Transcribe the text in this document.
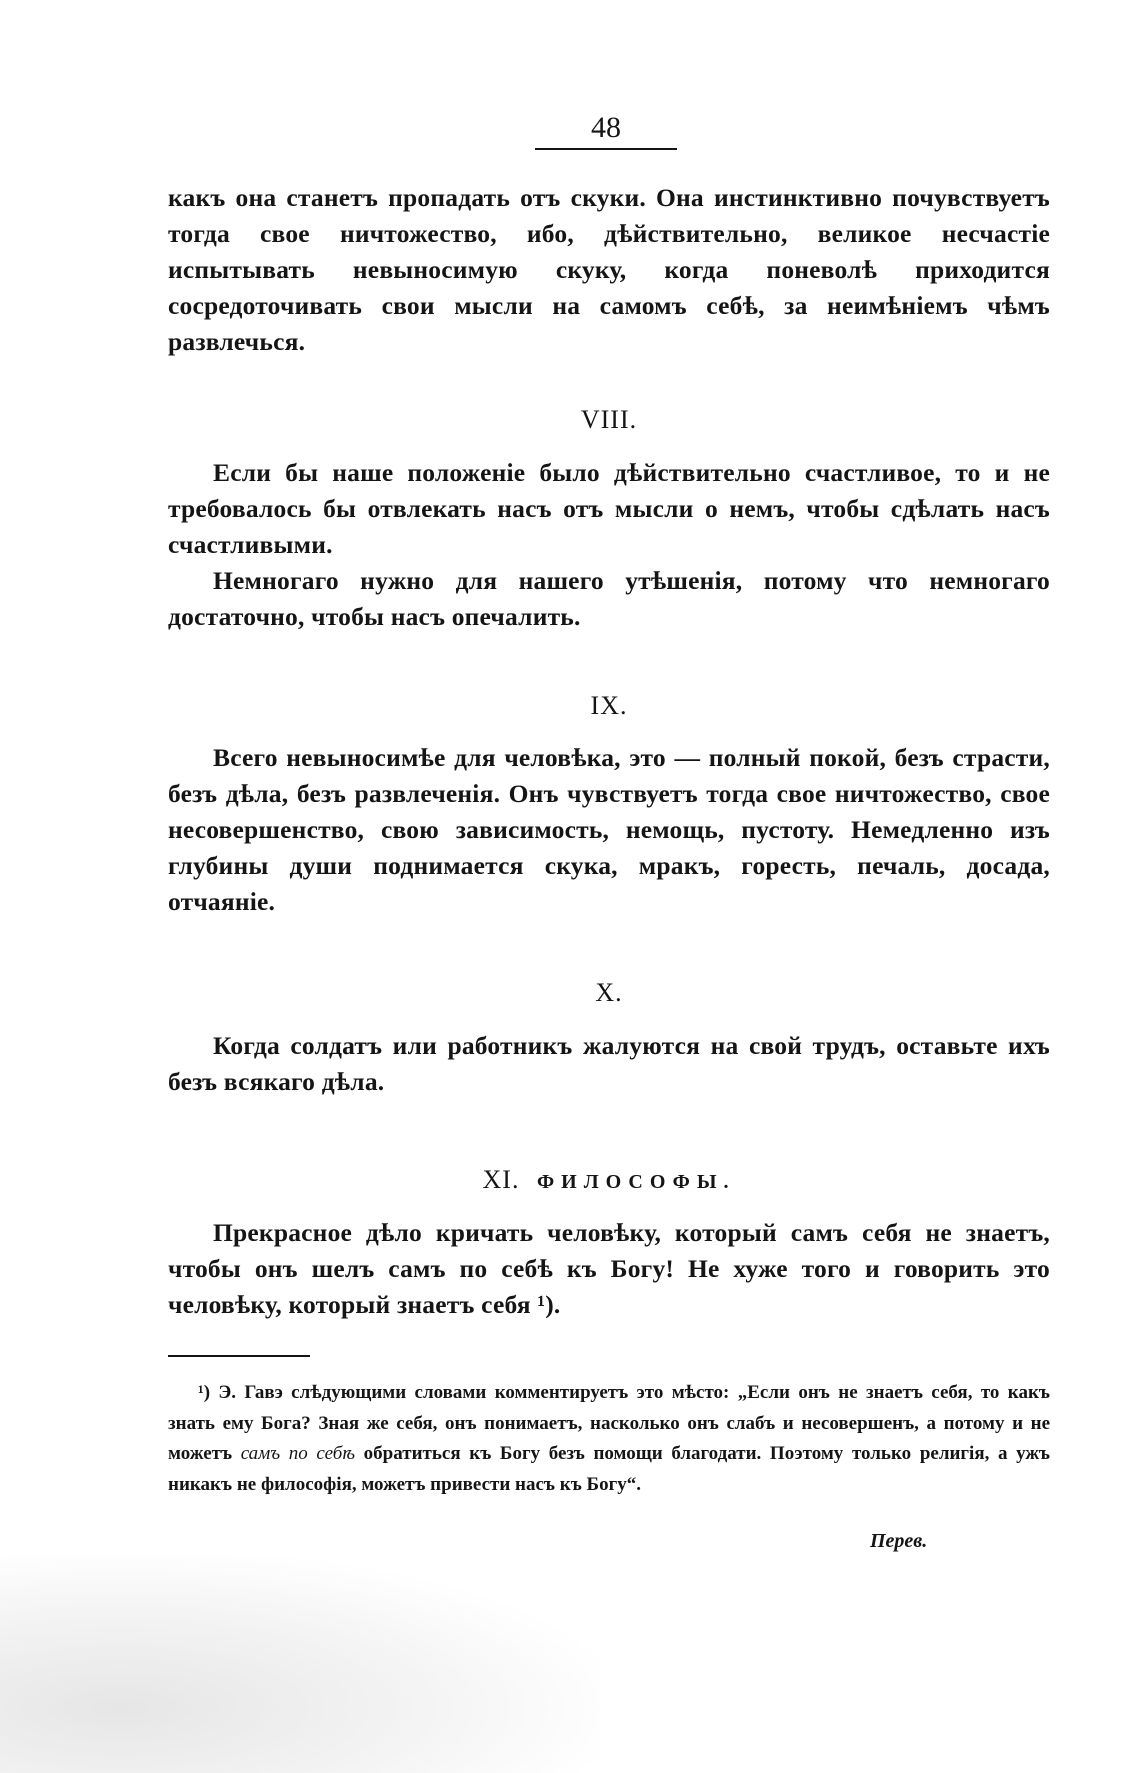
48

какъ она станетъ пропадать отъ скуки. Она инстинктивно почувствуетъ тогда свое ничтожество, ибо, дѣйствительно, великое несчастіе испытывать невыносимую скуку, когда поневолѣ приходится сосредоточивать свои мысли на самомъ себѣ, за неимѣніемъ чѣмъ развлечься.

VIII.

Если бы наше положеніе было дѣйствительно счастливое, то и не требовалось бы отвлекать насъ отъ мысли о немъ, чтобы сдѣлать насъ счастливыми.

Немногаго нужно для нашего утѣшенія, потому что немногаго достаточно, чтобы насъ опечалить.

IX.

Всего невыносимѣе для человѣка, это — полный покой, безъ страсти, безъ дѣла, безъ развлеченія. Онъ чувствуетъ тогда свое ничтожество, свое несовершенство, свою зависимость, немощь, пустоту. Немедленно изъ глубины души поднимается скука, мракъ, горесть, печаль, досада, отчаяніе.

X.

Когда солдатъ или работникъ жалуются на свой трудъ, оставьте ихъ безъ всякаго дѣла.

XI. ФИЛОСОФЫ.

Прекрасное дѣло кричать человѣку, который самъ себя не знаетъ, чтобы онъ шелъ самъ по себѣ къ Богу! Не хуже того и говорить это человѣку, который знаетъ себя ¹).

¹) Э. Гавэ слѣдующими словами комментируетъ это мѣсто: „Если онъ не знаетъ себя, то какъ знать ему Бога? Зная же себя, онъ понимаетъ, насколько онъ слабъ и несовершенъ, а потому и не можетъ самъ по себѣ обратиться къ Богу безъ помощи благодати. Поэтому только религія, а ужъ никакъ не философія, можетъ привести насъ къ Богу“.

Перев.
